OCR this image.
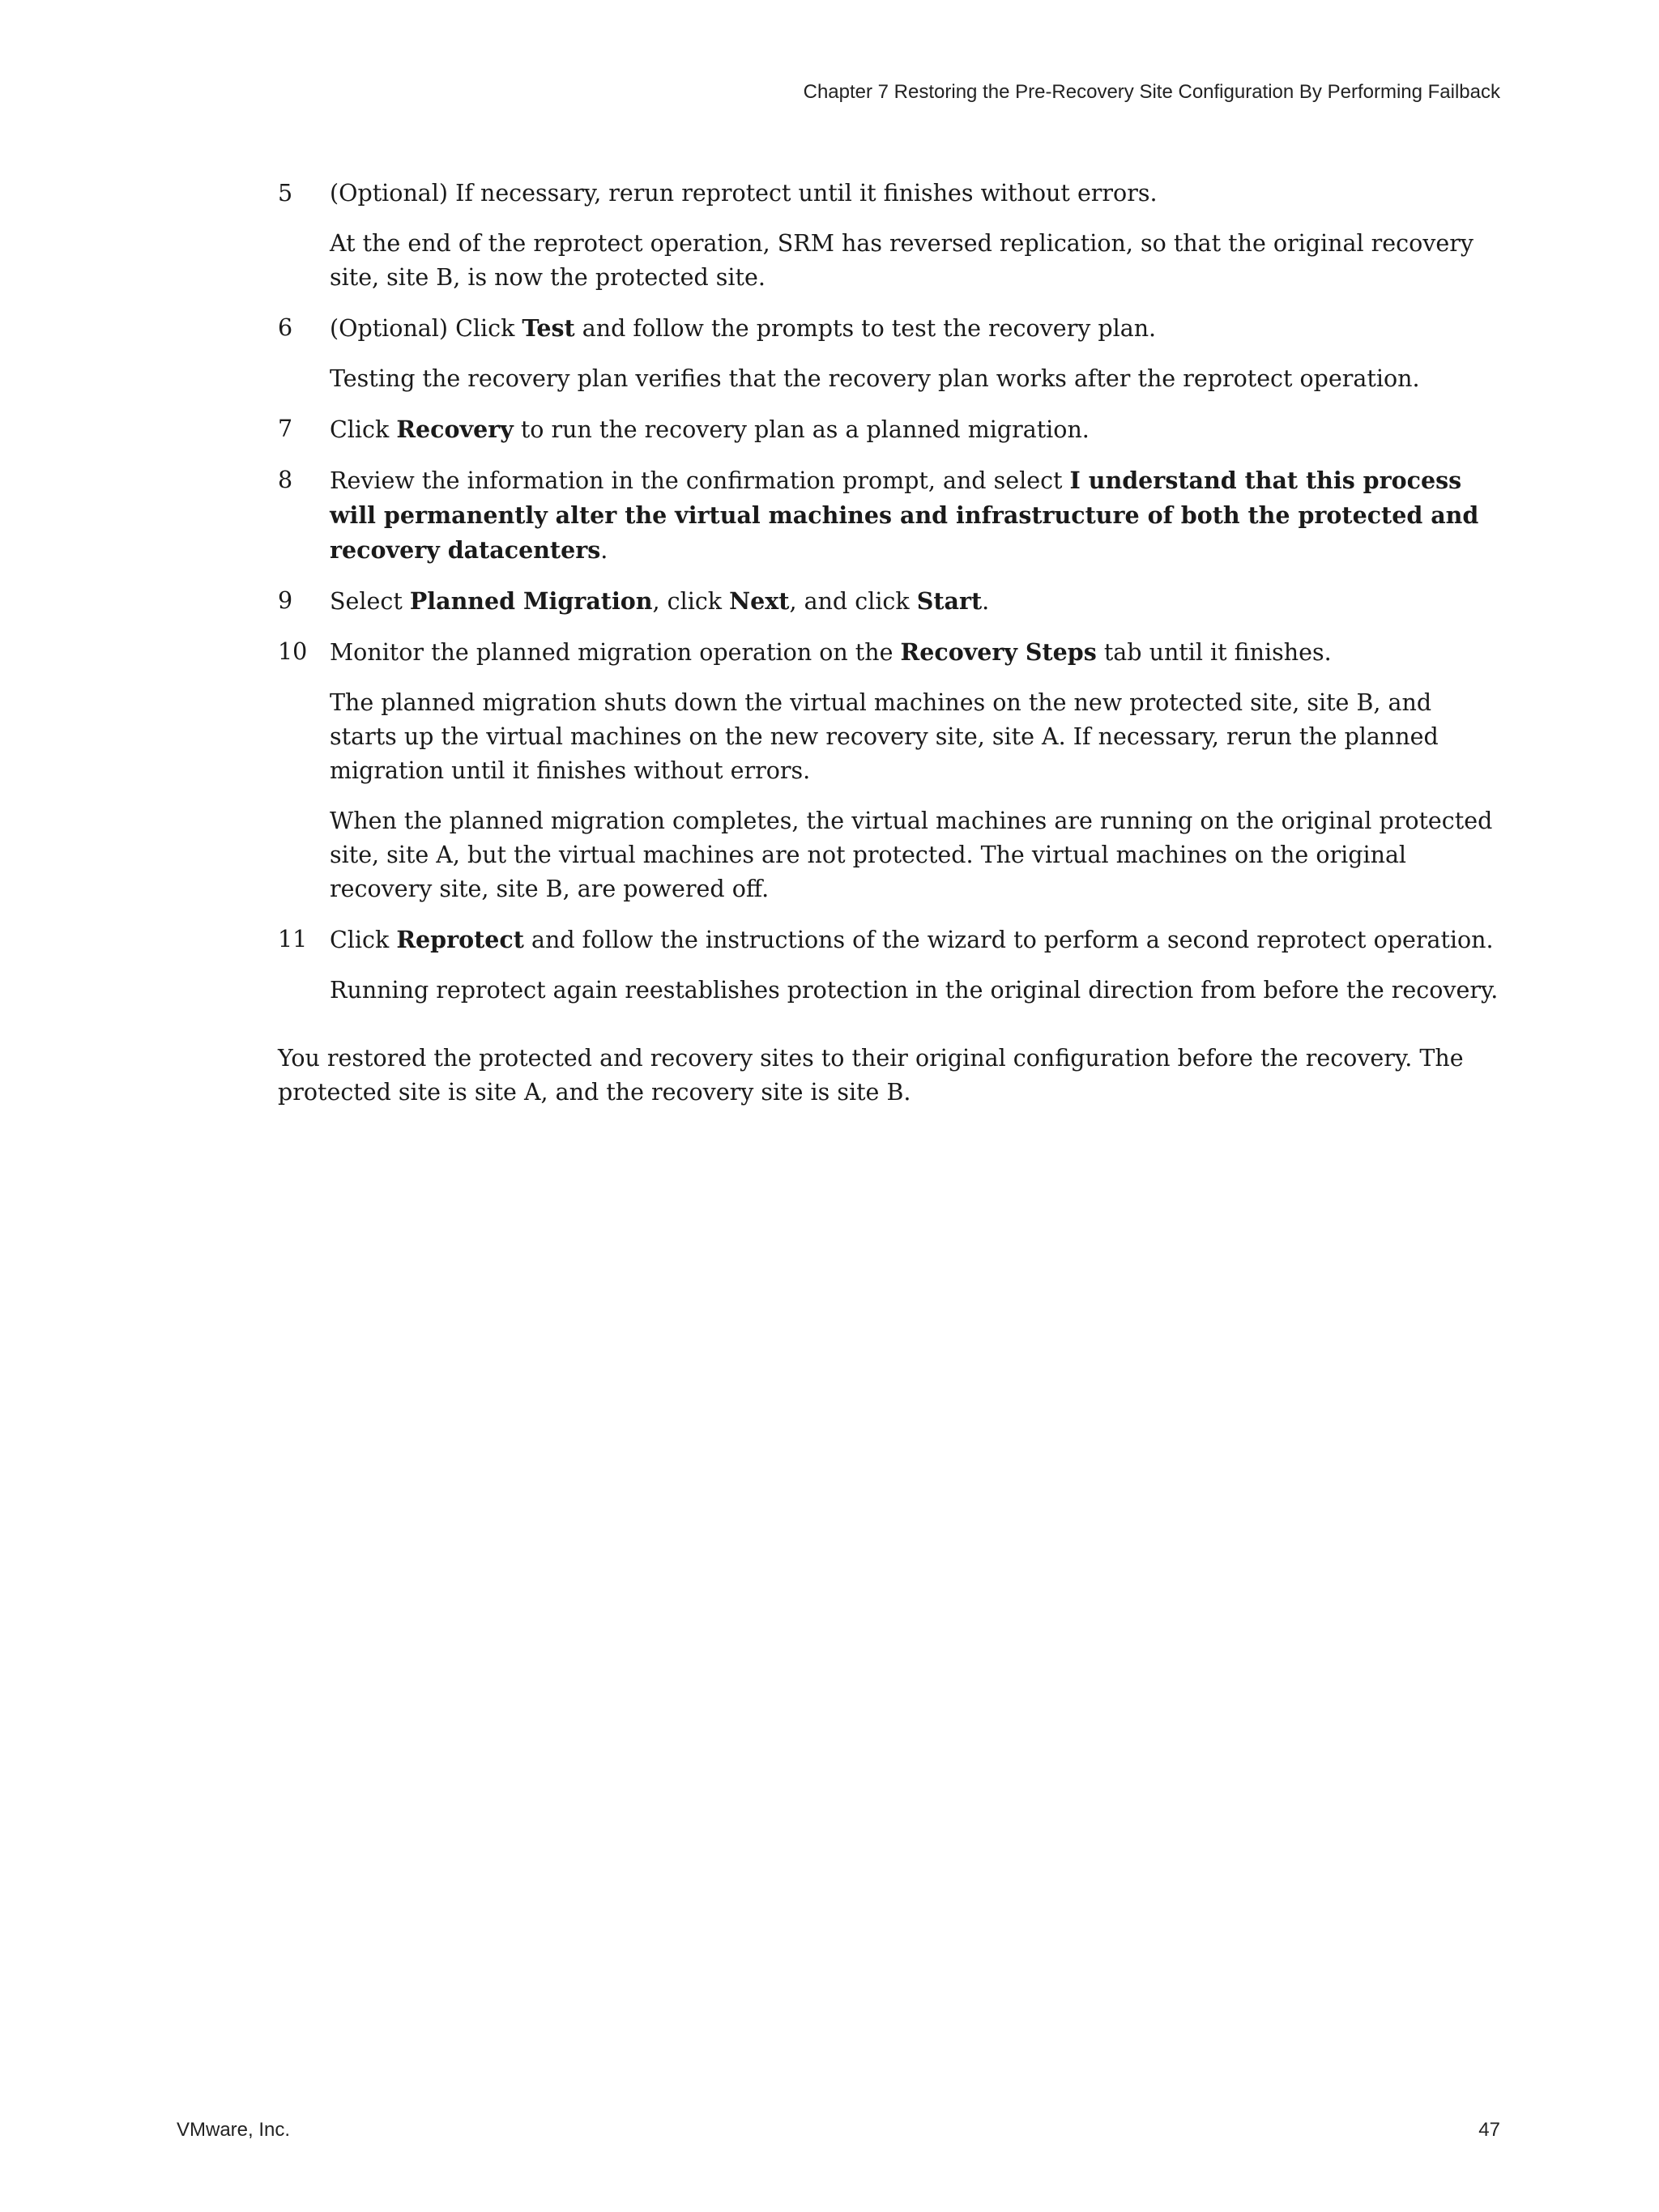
Chapter 7 Restoring the Pre-Recovery Site Configuration By Performing Failback
5 (Optional) If necessary, rerun reprotect until it finishes without errors.

At the end of the reprotect operation, SRM has reversed replication, so that the original recovery site, site B, is now the protected site.

6 (Optional) Click Test and follow the prompts to test the recovery plan.

Testing the recovery plan verifies that the recovery plan works after the reprotect operation.

7 Click Recovery to run the recovery plan as a planned migration.

8 Review the information in the confirmation prompt, and select I understand that this process will permanently alter the virtual machines and infrastructure of both the protected and recovery datacenters.

9 Select Planned Migration, click Next, and click Start.

10 Monitor the planned migration operation on the Recovery Steps tab until it finishes.

The planned migration shuts down the virtual machines on the new protected site, site B, and starts up the virtual machines on the new recovery site, site A. If necessary, rerun the planned migration until it finishes without errors.

When the planned migration completes, the virtual machines are running on the original protected site, site A, but the virtual machines are not protected. The virtual machines on the original recovery site, site B, are powered off.

11 Click Reprotect and follow the instructions of the wizard to perform a second reprotect operation.

Running reprotect again reestablishes protection in the original direction from before the recovery.

You restored the protected and recovery sites to their original configuration before the recovery. The protected site is site A, and the recovery site is site B.

VMware, Inc.	47
